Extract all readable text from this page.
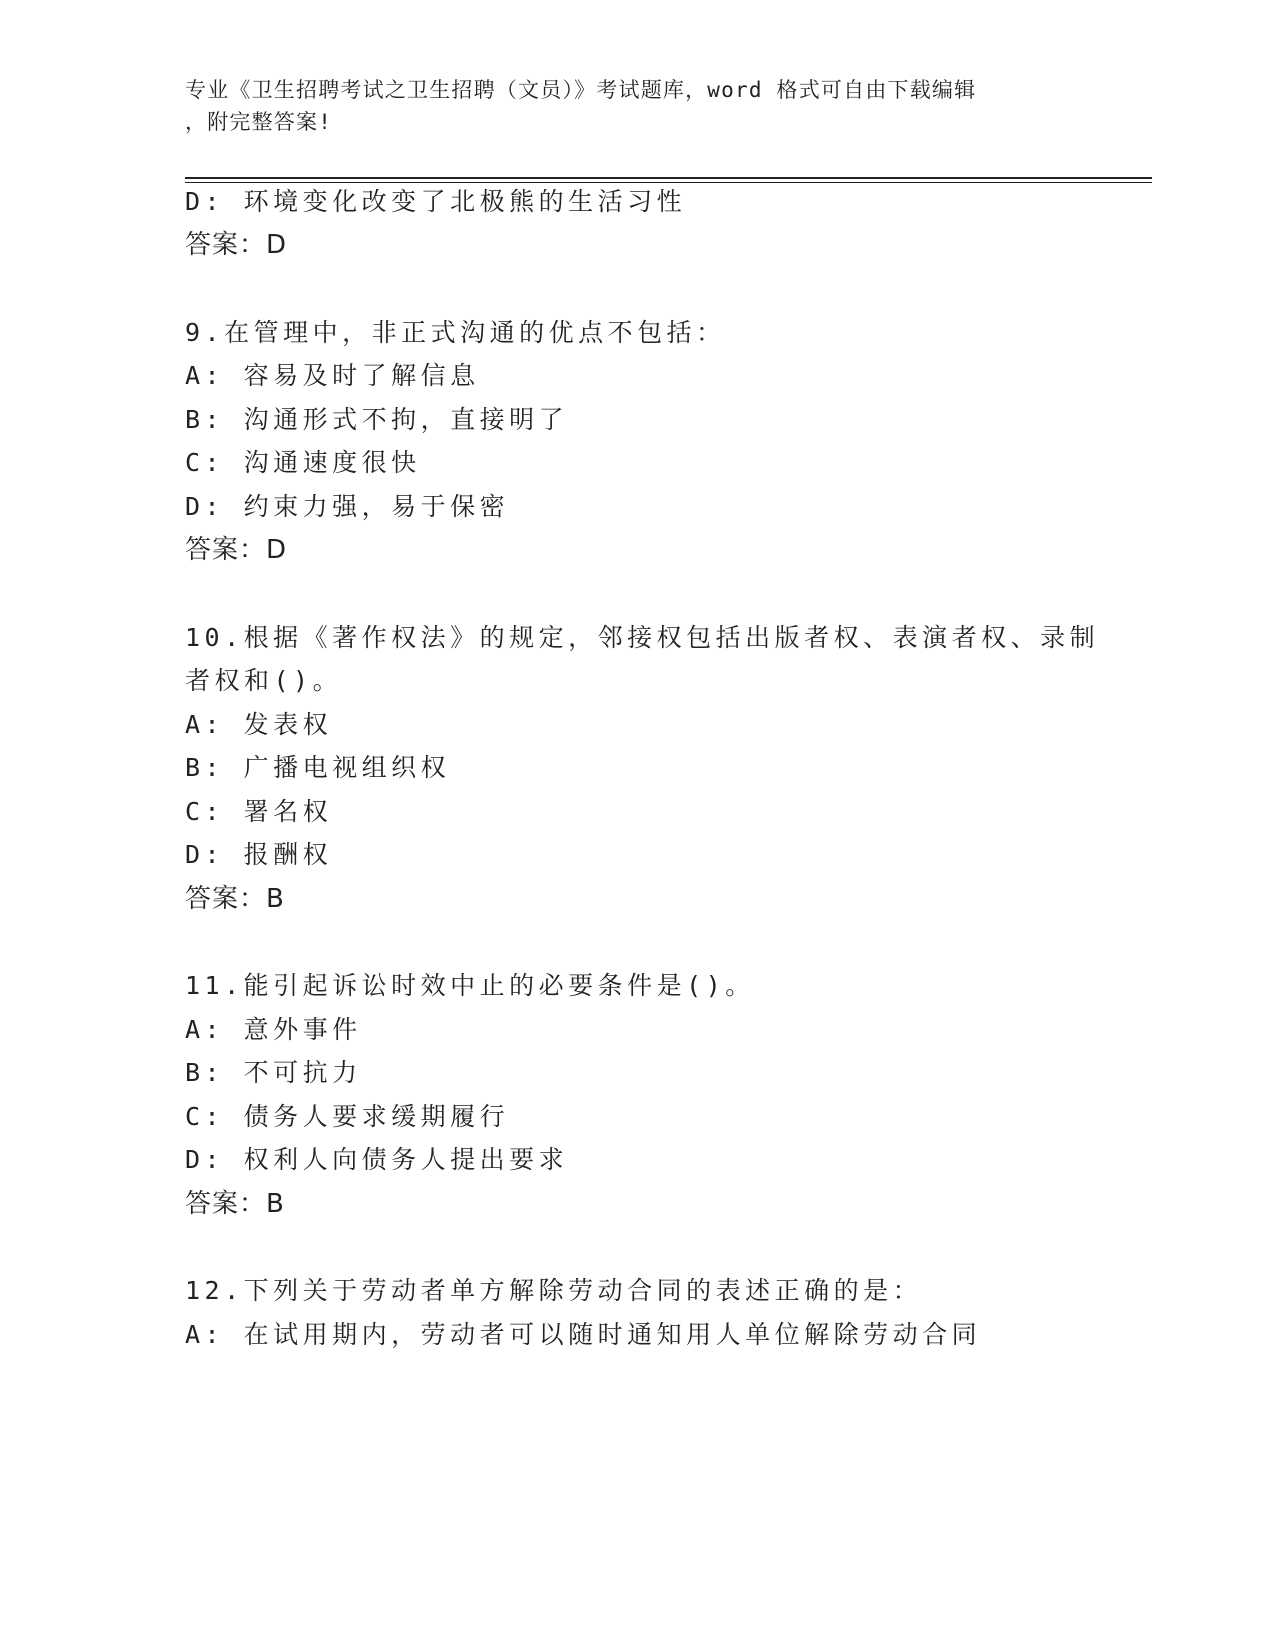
专业《卫生招聘考试之卫生招聘（文员）》考试题库，word 格式可自由下载编辑
，附完整答案!
D: 环境变化改变了北极熊的生活习性
答案：D
9.在管理中，非正式沟通的优点不包括：
A: 容易及时了解信息
B: 沟通形式不拘，直接明了
C: 沟通速度很快
D: 约束力强，易于保密
答案：D
10.根据《著作权法》的规定，邻接权包括出版者权、表演者权、录制
者权和()。
A: 发表权
B: 广播电视组织权
C: 署名权
D: 报酬权
答案：B
11.能引起诉讼时效中止的必要条件是()。
A: 意外事件
B: 不可抗力
C: 债务人要求缓期履行
D: 权利人向债务人提出要求
答案：B
12.下列关于劳动者单方解除劳动合同的表述正确的是：
A: 在试用期内，劳动者可以随时通知用人单位解除劳动合同
